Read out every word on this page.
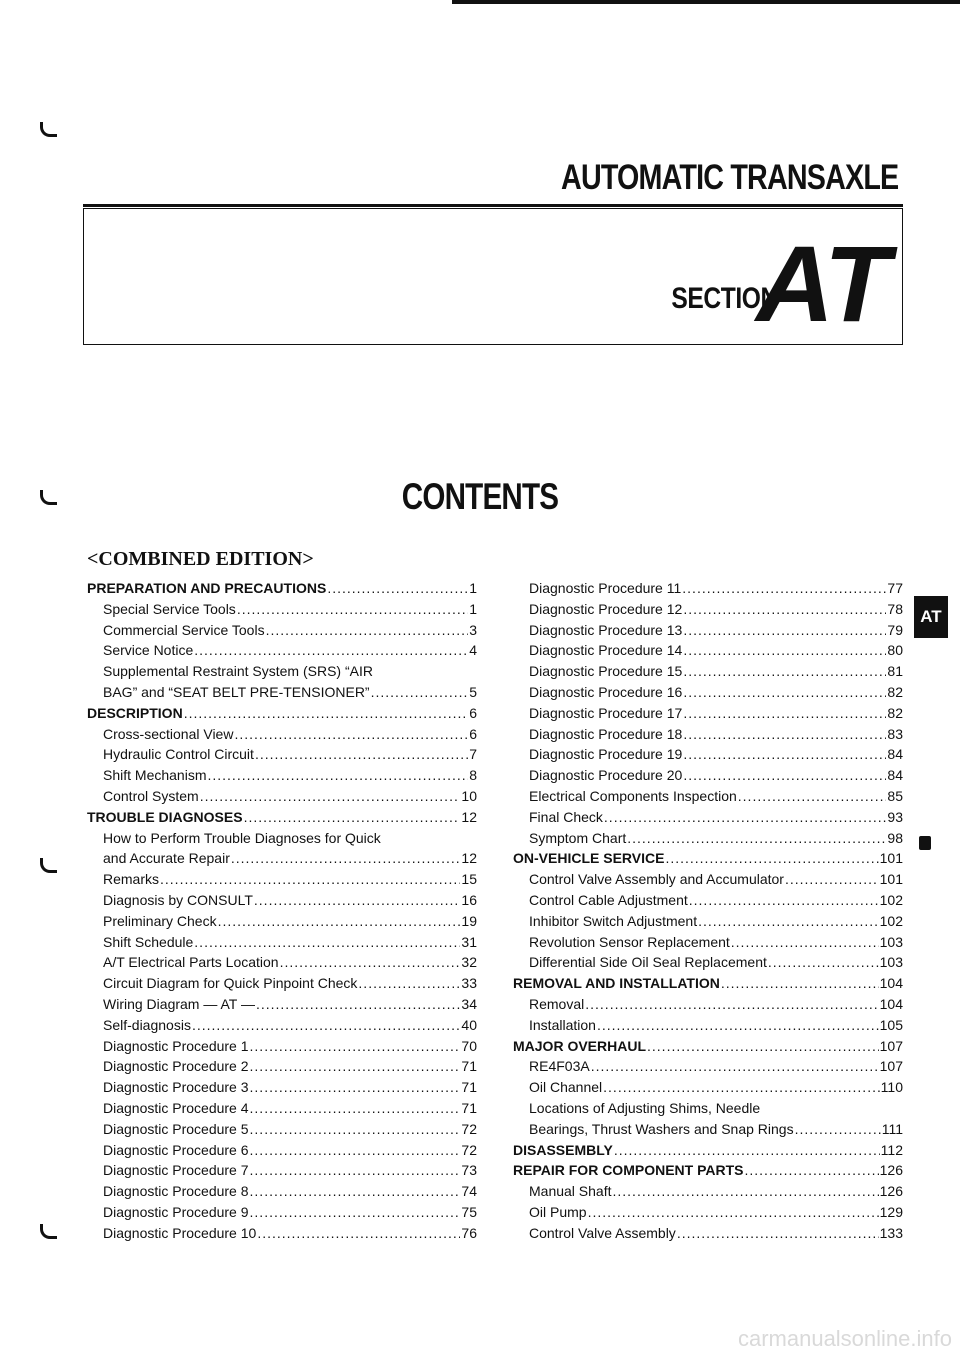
AUTOMATIC TRANSAXLE
SECTION
AT
CONTENTS
<COMBINED EDITION>
PREPARATION AND PRECAUTIONS .....	1
Special Service Tools .....	1
Commercial Service Tools .....	3
Service Notice .....	4
Supplemental Restraint System (SRS) “AIR
BAG” and “SEAT BELT PRE-TENSIONER” .....	5
DESCRIPTION .....	6
Cross-sectional View .....	6
Hydraulic Control Circuit .....	7
Shift Mechanism .....	8
Control System .....	10
TROUBLE DIAGNOSES .....	12
How to Perform Trouble Diagnoses for Quick
and Accurate Repair .....	12
Remarks .....	15
Diagnosis by CONSULT .....	16
Preliminary Check .....	19
Shift Schedule .....	31
A/T Electrical Parts Location .....	32
Circuit Diagram for Quick Pinpoint Check .....	33
Wiring Diagram — AT — .....	34
Self-diagnosis .....	40
Diagnostic Procedure 1 .....	70
Diagnostic Procedure 2 .....	71
Diagnostic Procedure 3 .....	71
Diagnostic Procedure 4 .....	71
Diagnostic Procedure 5 .....	72
Diagnostic Procedure 6 .....	72
Diagnostic Procedure 7 .....	73
Diagnostic Procedure 8 .....	74
Diagnostic Procedure 9 .....	75
Diagnostic Procedure 10 .....	76
Diagnostic Procedure 11 .....	77
Diagnostic Procedure 12 .....	78
Diagnostic Procedure 13 .....	79
Diagnostic Procedure 14 .....	80
Diagnostic Procedure 15 .....	81
Diagnostic Procedure 16 .....	82
Diagnostic Procedure 17 .....	82
Diagnostic Procedure 18 .....	83
Diagnostic Procedure 19 .....	84
Diagnostic Procedure 20 .....	84
Electrical Components Inspection .....	85
Final Check .....	93
Symptom Chart .....	98
ON-VEHICLE SERVICE .....	101
Control Valve Assembly and Accumulator .....	101
Control Cable Adjustment .....	102
Inhibitor Switch Adjustment .....	102
Revolution Sensor Replacement .....	103
Differential Side Oil Seal Replacement .....	103
REMOVAL AND INSTALLATION .....	104
Removal .....	104
Installation .....	105
MAJOR OVERHAUL .....	107
RE4F03A .....	107
Oil Channel .....	110
Locations of Adjusting Shims, Needle
Bearings, Thrust Washers and Snap Rings .....	111
DISASSEMBLY .....	112
REPAIR FOR COMPONENT PARTS .....	126
Manual Shaft .....	126
Oil Pump .....	129
Control Valve Assembly .....	133
AT
carmanualsonline.info
